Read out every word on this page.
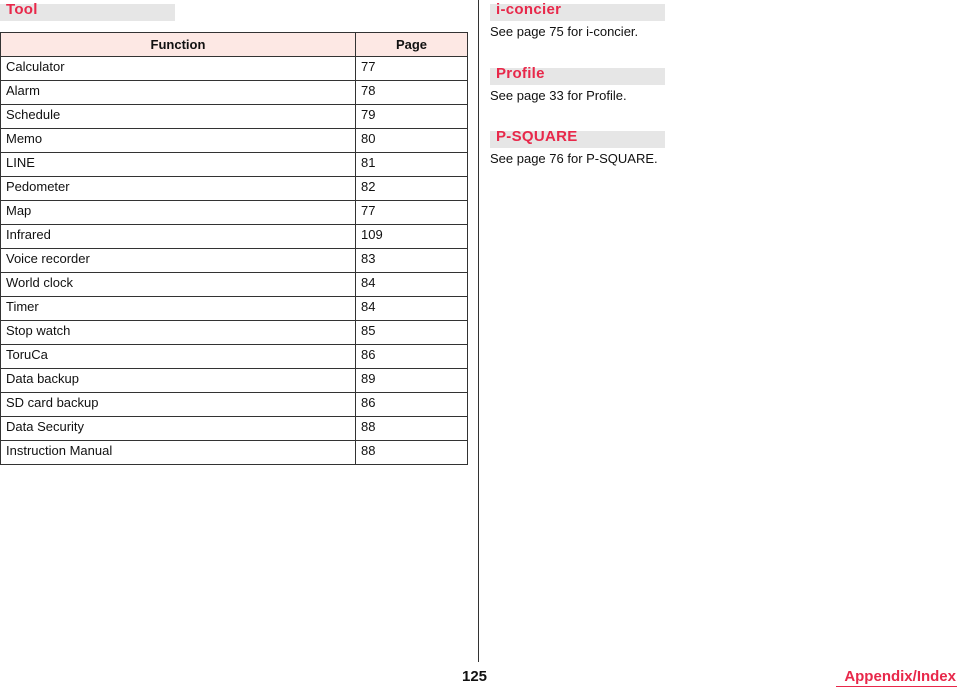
Tool
Function	Page
Calculator	77
Alarm	78
Schedule	79
Memo	80
LINE	81
Pedometer	82
Map	77
Infrared	109
Voice recorder	83
World clock	84
Timer	84
Stop watch	85
ToruCa	86
Data backup	89
SD card backup	86
Data Security	88
Instruction Manual	88
i-concier
See page 75 for i-concier.
Profile
See page 33 for Profile.
P-SQUARE
See page 76 for P-SQUARE.
125	Appendix/Index
